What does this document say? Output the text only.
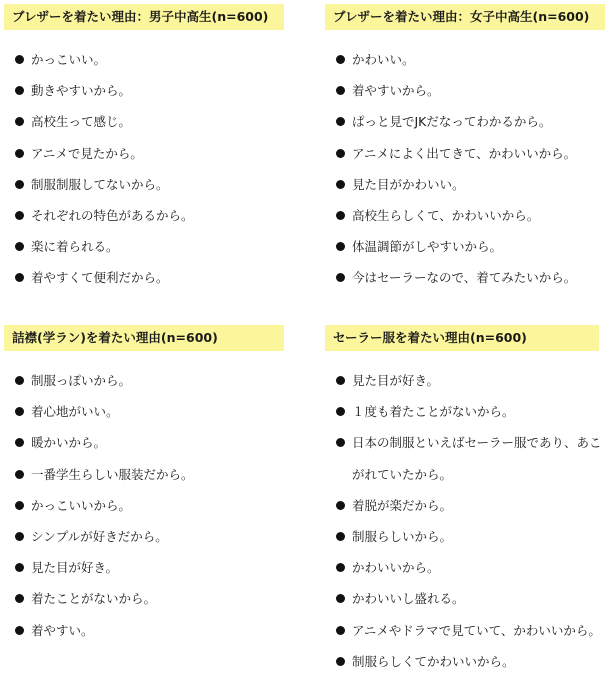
ブレザーを着たい理由：男子中高生(n=600)
かっこいい。
動きやすいから。
高校生って感じ。
アニメで見たから。
制服制服してないから。
それぞれの特色があるから。
楽に着られる。
着やすくて便利だから。
ブレザーを着たい理由：女子中高生(n=600)
かわいい。
着やすいから。
ぱっと見でJKだなってわかるから。
アニメによく出てきて、かわいいから。
見た目がかわいい。
高校生らしくて、かわいいから。
体温調節がしやすいから。
今はセーラーなので、着てみたいから。
詰襟(学ラン)を着たい理由(n=600)
制服っぽいから。
着心地がいい。
暖かいから。
一番学生らしい服装だから。
かっこいいから。
シンプルが好きだから。
見た目が好き。
着たことがないから。
着やすい。
セーラー服を着たい理由(n=600)
見た目が好き。
１度も着たことがないから。
日本の制服といえばセーラー服であり、あこがれていたから。
着脱が楽だから。
制服らしいから。
かわいいから。
かわいいし盛れる。
アニメやドラマで見ていて、かわいいから。
制服らしくてかわいいから。
